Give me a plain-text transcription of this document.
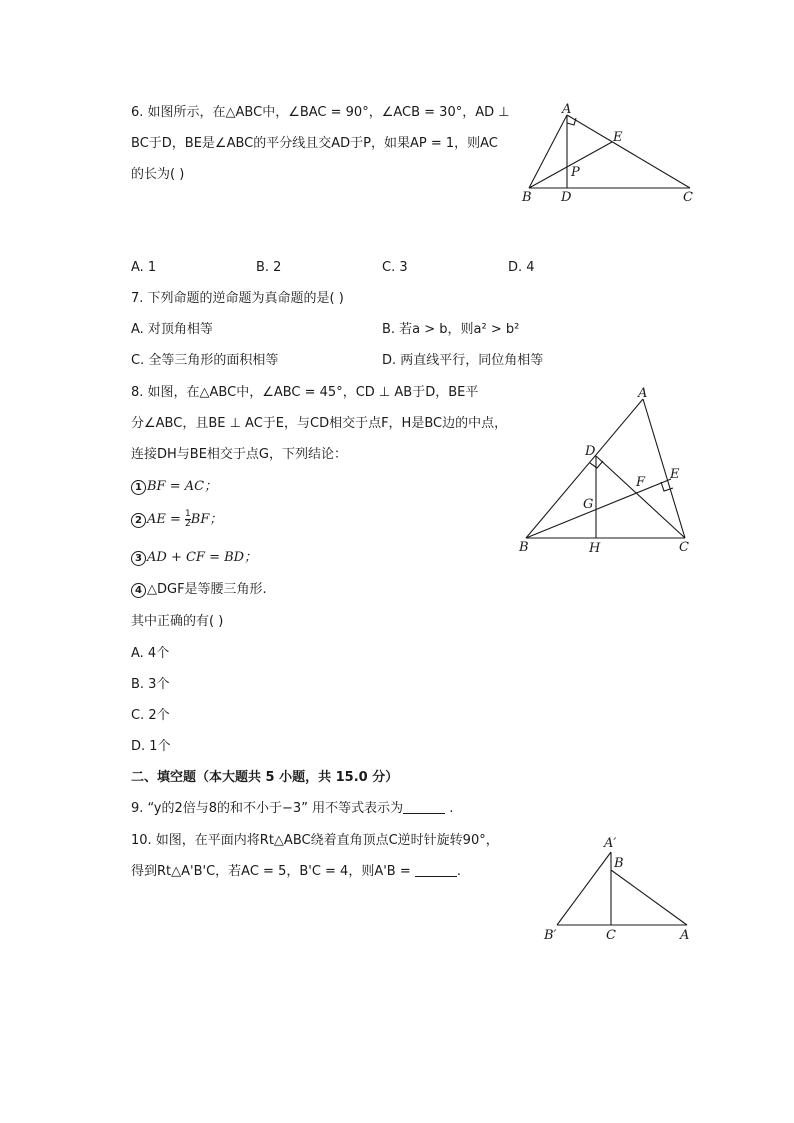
6. 如图所示，在△ABC中，∠BAC = 90°，∠ACB = 30°，AD ⊥
BC于D，BE是∠ABC的平分线且交AD于P，如果AP = 1，则AC
的长为( )
A
B	C
D
E
P
A. 1	B. 2	C. 3	D. 4
7. 下列命题的逆命题为真命题的是( )
A. 对顶角相等	B. 若a > b，则a² > b²
C. 全等三角形的面积相等	D. 两直线平行，同位角相等
8. 如图，在△ABC中，∠ABC = 45°，CD ⊥ AB于D，BE平
分∠ABC，且BE ⊥ AC于E，与CD相交于点F，H是BC边的中点，
连接DH与BE相交于点G，下列结论：
1 BF = AC；
2 AE = $\frac{1}{2}$ BF；
3 AD + CF = BD；
4 △DGF是等腰三角形.
其中正确的有( )
A. 4个
B. 3个
C. 2个
D. 1个
A
B	C
D
E
F
G
H
二、填空题（本大题共 5 小题，共 15.0 分）
9. “y的2倍与8的和不小于−3” 用不等式表示为	.
10. 如图，在平面内将Rt△ABC绕着直角顶点C逆时针旋转90°，
得到Rt△A'B'C，若AC = 5，B'C = 4，则A'B =	.
A′
B
B′	C	A
